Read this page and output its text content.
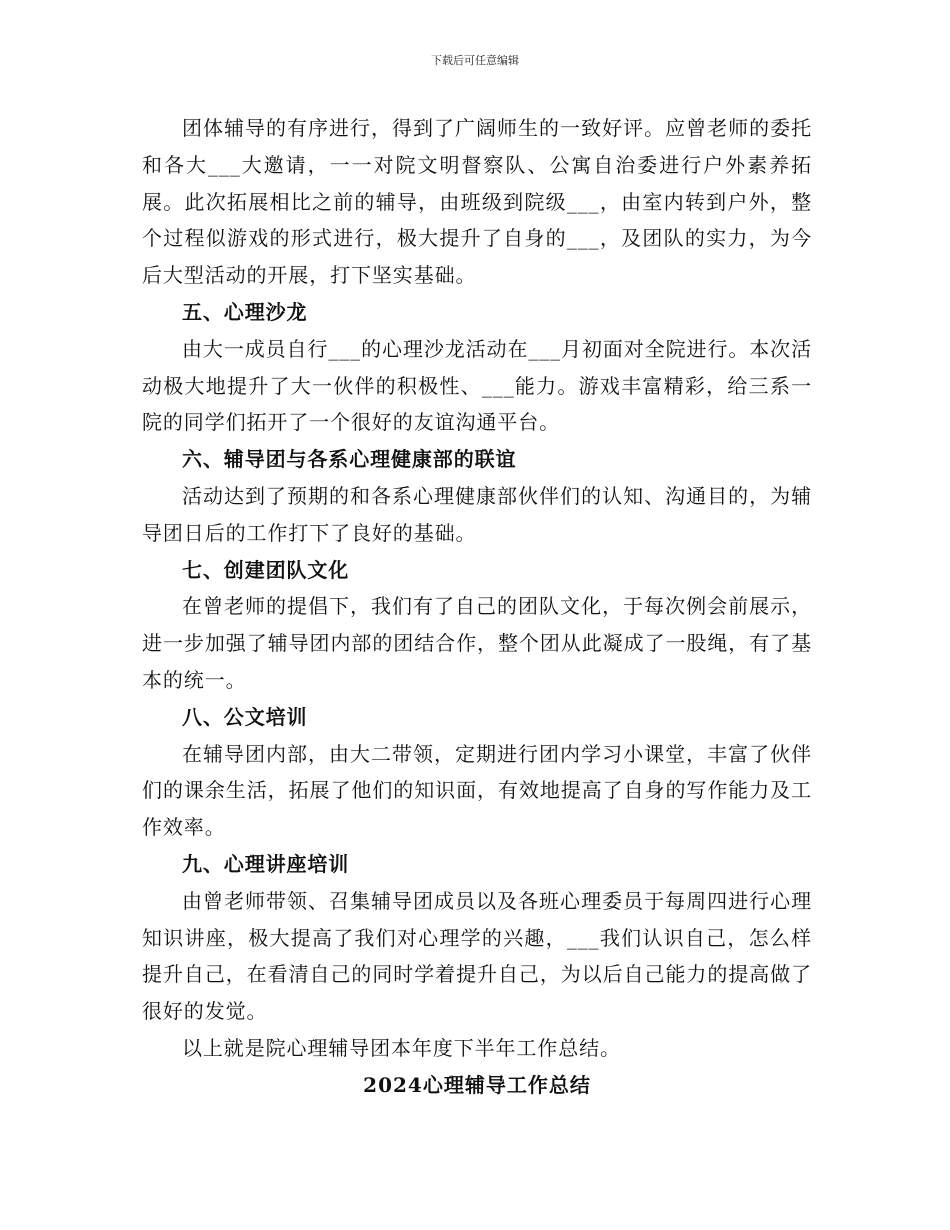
下载后可任意编辑

团体辅导的有序进行，得到了广阔师生的一致好评。应曾老师的委托和各大___大邀请，一一对院文明督察队、公寓自治委进行户外素养拓展。此次拓展相比之前的辅导，由班级到院级___，由室内转到户外，整个过程似游戏的形式进行，极大提升了自身的___，及团队的实力，为今后大型活动的开展，打下坚实基础。

五、心理沙龙

由大一成员自行___的心理沙龙活动在___月初面对全院进行。本次活动极大地提升了大一伙伴的积极性、___能力。游戏丰富精彩，给三系一院的同学们拓开了一个很好的友谊沟通平台。

六、辅导团与各系心理健康部的联谊

活动达到了预期的和各系心理健康部伙伴们的认知、沟通目的，为辅导团日后的工作打下了良好的基础。

七、创建团队文化

在曾老师的提倡下，我们有了自己的团队文化，于每次例会前展示，进一步加强了辅导团内部的团结合作，整个团从此凝成了一股绳，有了基本的统一。

八、公文培训

在辅导团内部，由大二带领，定期进行团内学习小课堂，丰富了伙伴们的课余生活，拓展了他们的知识面，有效地提高了自身的写作能力及工作效率。

九、心理讲座培训

由曾老师带领、召集辅导团成员以及各班心理委员于每周四进行心理知识讲座，极大提高了我们对心理学的兴趣，___我们认识自己，怎么样提升自己，在看清自己的同时学着提升自己，为以后自己能力的提高做了很好的发觉。

以上就是院心理辅导团本年度下半年工作总结。

2024心理辅导工作总结
